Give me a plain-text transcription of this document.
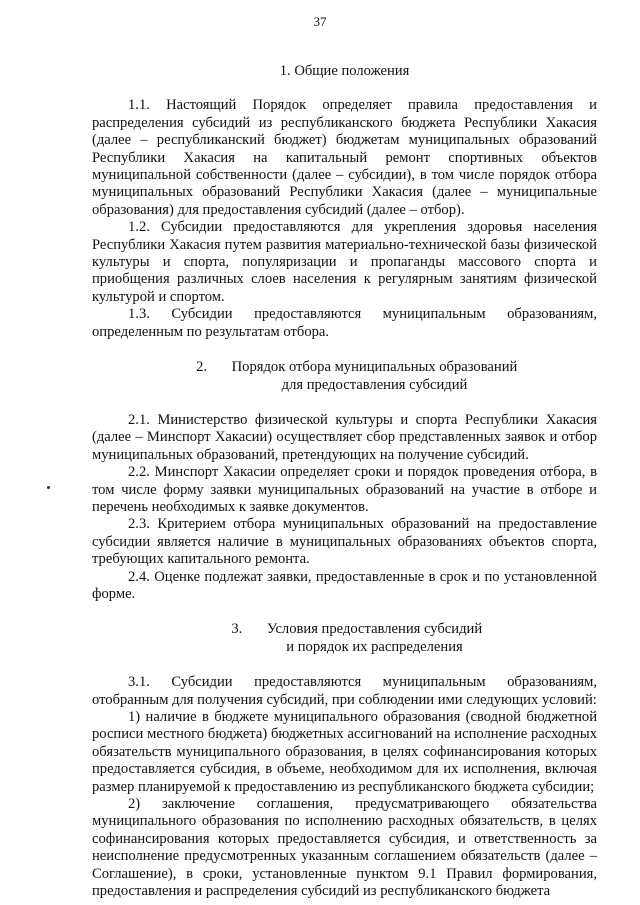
37
1. Общие положения

1.1. Настоящий Порядок определяет правила предоставления и распределения субсидий из республиканского бюджета Республики Хакасия (далее – республиканский бюджет) бюджетам муниципальных образований Республики Хакасия на капитальный ремонт спортивных объектов муниципальной собственности (далее – субсидии), в том числе порядок отбора муниципальных образований Республики Хакасия (далее – муниципальные образования) для предоставления субсидий (далее – отбор).

1.2. Субсидии предоставляются для укрепления здоровья населения Республики Хакасия путем развития материально-технической базы физической культуры и спорта, популяризации и пропаганды массового спорта и приобщения различных слоев населения к регулярным занятиям физической культурой и спортом.

1.3. Субсидии предоставляются муниципальным образованиям, определенным по результатам отбора.

2. Порядок отбора муниципальных образований
для предоставления субсидий

2.1. Министерство физической культуры и спорта Республики Хакасия (далее – Минспорт Хакасии) осуществляет сбор представленных заявок и отбор муниципальных образований, претендующих на получение субсидий.

2.2. Минспорт Хакасии определяет сроки и порядок проведения отбора, в том числе форму заявки муниципальных образований на участие в отборе и перечень необходимых к заявке документов.

2.3. Критерием отбора муниципальных образований на предоставление субсидии является наличие в муниципальных образованиях объектов спорта, требующих капитального ремонта.

2.4. Оценке подлежат заявки, предоставленные в срок и по установленной форме.

3. Условия предоставления субсидий
и порядок их распределения

3.1. Субсидии предоставляются муниципальным образованиям, отобранным для получения субсидий, при соблюдении ими следующих условий:

1) наличие в бюджете муниципального образования (сводной бюджетной росписи местного бюджета) бюджетных ассигнований на исполнение расходных обязательств муниципального образования, в целях софинансирования которых предоставляется субсидия, в объеме, необходимом для их исполнения, включая размер планируемой к предоставлению из республиканского бюджета субсидии;

2) заключение соглашения, предусматривающего обязательства муниципального образования по исполнению расходных обязательств, в целях софинансирования которых предоставляется субсидия, и ответственность за неисполнение предусмотренных указанным соглашением обязательств (далее – Соглашение), в сроки, установленные пунктом 9.1 Правил формирования, предоставления и распределения субсидий из республиканского бюджета
